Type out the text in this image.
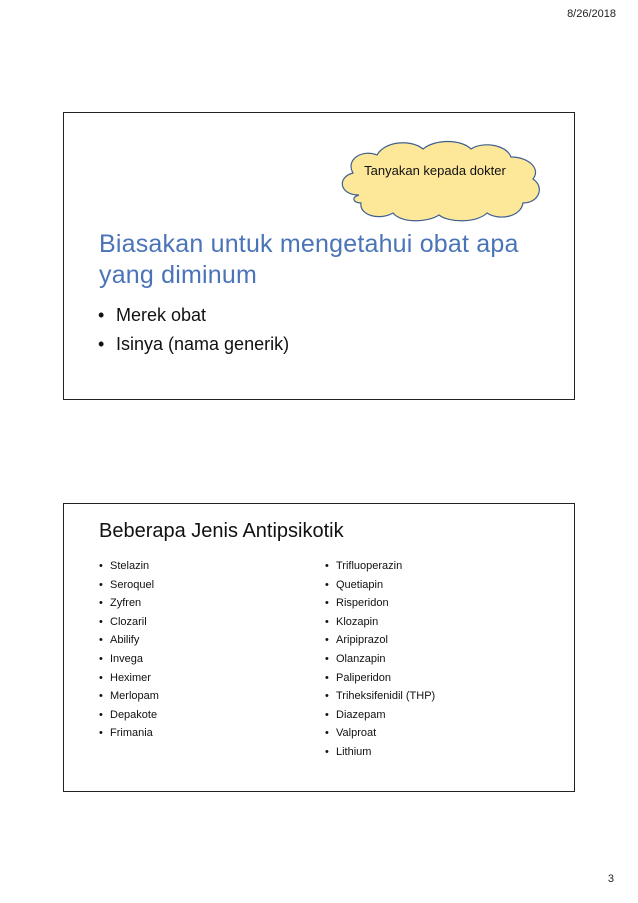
8/26/2018
Tanyakan kepada dokter
Biasakan untuk mengetahui obat apa yang diminum
• Merek obat
• Isinya (nama generik)
Beberapa Jenis Antipsikotik
• Stelazin
• Seroquel
• Zyfren
• Clozaril
• Abilify
• Invega
• Heximer
• Merlopam
• Depakote
• Frimania
• Trifluoperazin
• Quetiapin
• Risperidon
• Klozapin
• Aripiprazol
• Olanzapin
• Paliperidon
• Triheksifenidil (THP)
• Diazepam
• Valproat
• Lithium
3
